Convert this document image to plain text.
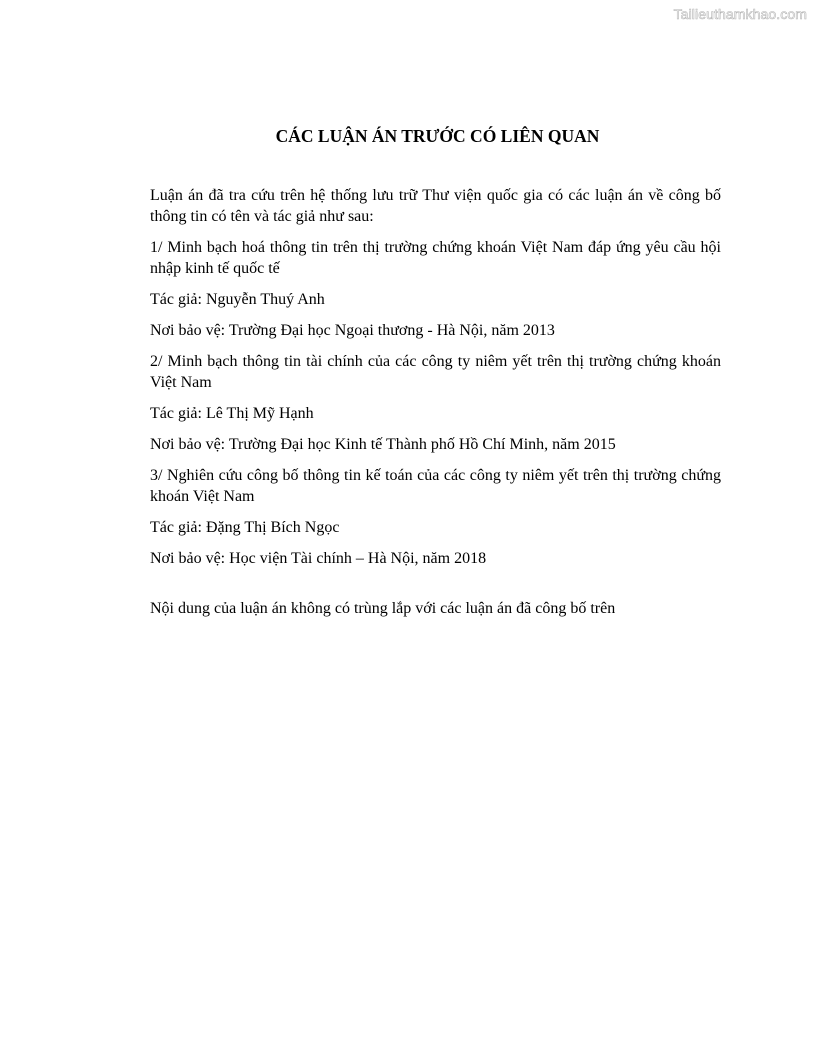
Tailieuthamkhao.com
CÁC LUẬN ÁN TRƯỚC CÓ LIÊN QUAN

Luận án đã tra cứu trên hệ thống lưu trữ Thư viện quốc gia có các luận án về công bố thông tin có tên và tác giả như sau:

1/ Minh bạch hoá thông tin trên thị trường chứng khoán Việt Nam đáp ứng yêu cầu hội nhập kinh tế quốc tế

Tác giả: Nguyễn Thuý Anh

Nơi bảo vệ: Trường Đại học Ngoại thương - Hà Nội, năm 2013

2/ Minh bạch thông tin tài chính của các công ty niêm yết trên thị trường chứng khoán Việt Nam

Tác giả: Lê Thị Mỹ Hạnh

Nơi bảo vệ: Trường Đại học Kinh tế Thành phố Hồ Chí Minh, năm 2015

3/ Nghiên cứu công bố thông tin kế toán của các công ty niêm yết trên thị trường chứng khoán Việt Nam

Tác giả: Đặng Thị Bích Ngọc

Nơi bảo vệ: Học viện Tài chính – Hà Nội, năm 2018

Nội dung của luận án không có trùng lắp với các luận án đã công bố trên
